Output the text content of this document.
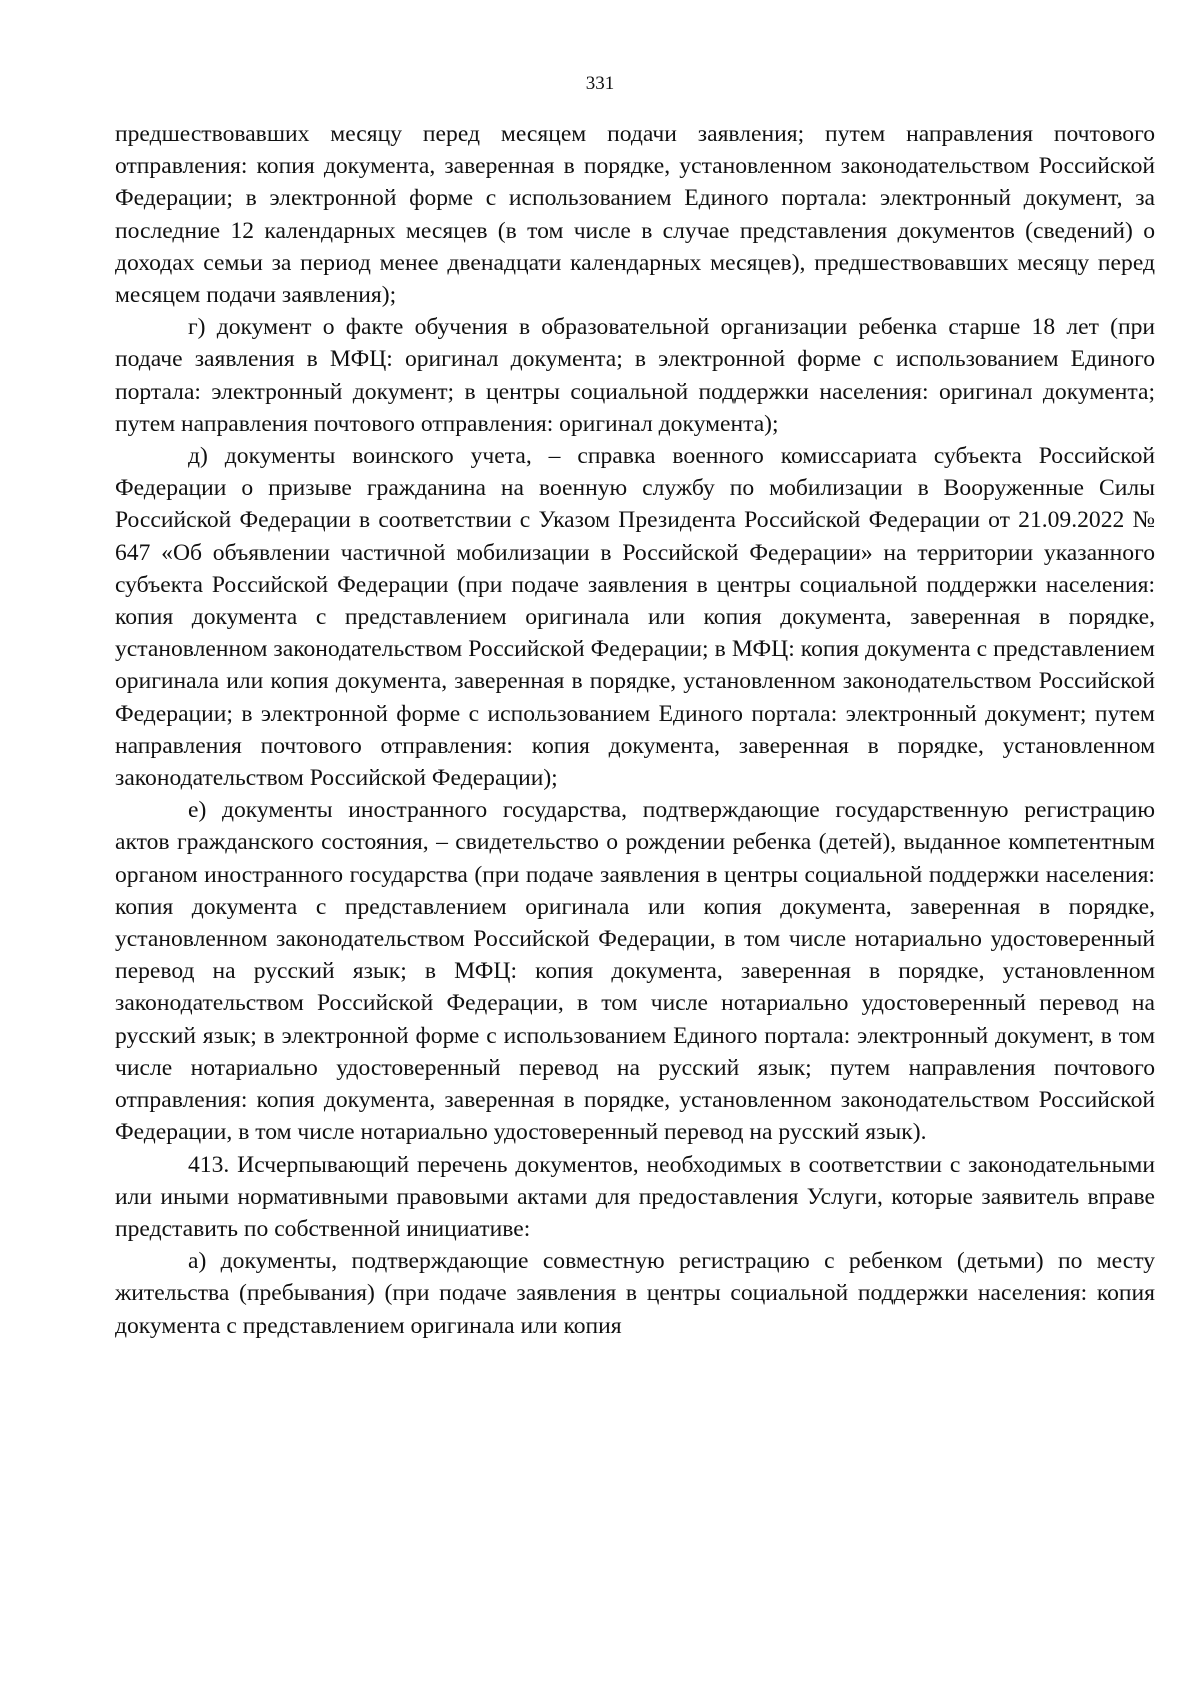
331

предшествовавших месяцу перед месяцем подачи заявления; путем направления почтового отправления: копия документа, заверенная в порядке, установленном законодательством Российской Федерации; в электронной форме с использованием Единого портала: электронный документ, за последние 12 календарных месяцев (в том числе в случае представления документов (сведений) о доходах семьи за период менее двенадцати календарных месяцев), предшествовавших месяцу перед месяцем подачи заявления);

г) документ о факте обучения в образовательной организации ребенка старше 18 лет (при подаче заявления в МФЦ: оригинал документа; в электронной форме с использованием Единого портала: электронный документ; в центры социальной поддержки населения: оригинал документа; путем направления почтового отправления: оригинал документа);

д) документы воинского учета, – справка военного комиссариата субъекта Российской Федерации о призыве гражданина на военную службу по мобилизации в Вооруженные Силы Российской Федерации в соответствии с Указом Президента Российской Федерации от 21.09.2022 № 647 «Об объявлении частичной мобилизации в Российской Федерации» на территории указанного субъекта Российской Федерации (при подаче заявления в центры социальной поддержки населения: копия документа с представлением оригинала или копия документа, заверенная в порядке, установленном законодательством Российской Федерации; в МФЦ: копия документа с представлением оригинала или копия документа, заверенная в порядке, установленном законодательством Российской Федерации; в электронной форме с использованием Единого портала: электронный документ; путем направления почтового отправления: копия документа, заверенная в порядке, установленном законодательством Российской Федерации);

е) документы иностранного государства, подтверждающие государственную регистрацию актов гражданского состояния, – свидетельство о рождении ребенка (детей), выданное компетентным органом иностранного государства (при подаче заявления в центры социальной поддержки населения: копия документа с представлением оригинала или копия документа, заверенная в порядке, установленном законодательством Российской Федерации, в том числе нотариально удостоверенный перевод на русский язык; в МФЦ: копия документа, заверенная в порядке, установленном законодательством Российской Федерации, в том числе нотариально удостоверенный перевод на русский язык; в электронной форме с использованием Единого портала: электронный документ, в том числе нотариально удостоверенный перевод на русский язык; путем направления почтового отправления: копия документа, заверенная в порядке, установленном законодательством Российской Федерации, в том числе нотариально удостоверенный перевод на русский язык).

413. Исчерпывающий перечень документов, необходимых в соответствии с законодательными или иными нормативными правовыми актами для предоставления Услуги, которые заявитель вправе представить по собственной инициативе:

а) документы, подтверждающие совместную регистрацию с ребенком (детьми) по месту жительства (пребывания) (при подаче заявления в центры социальной поддержки населения: копия документа с представлением оригинала или копия
